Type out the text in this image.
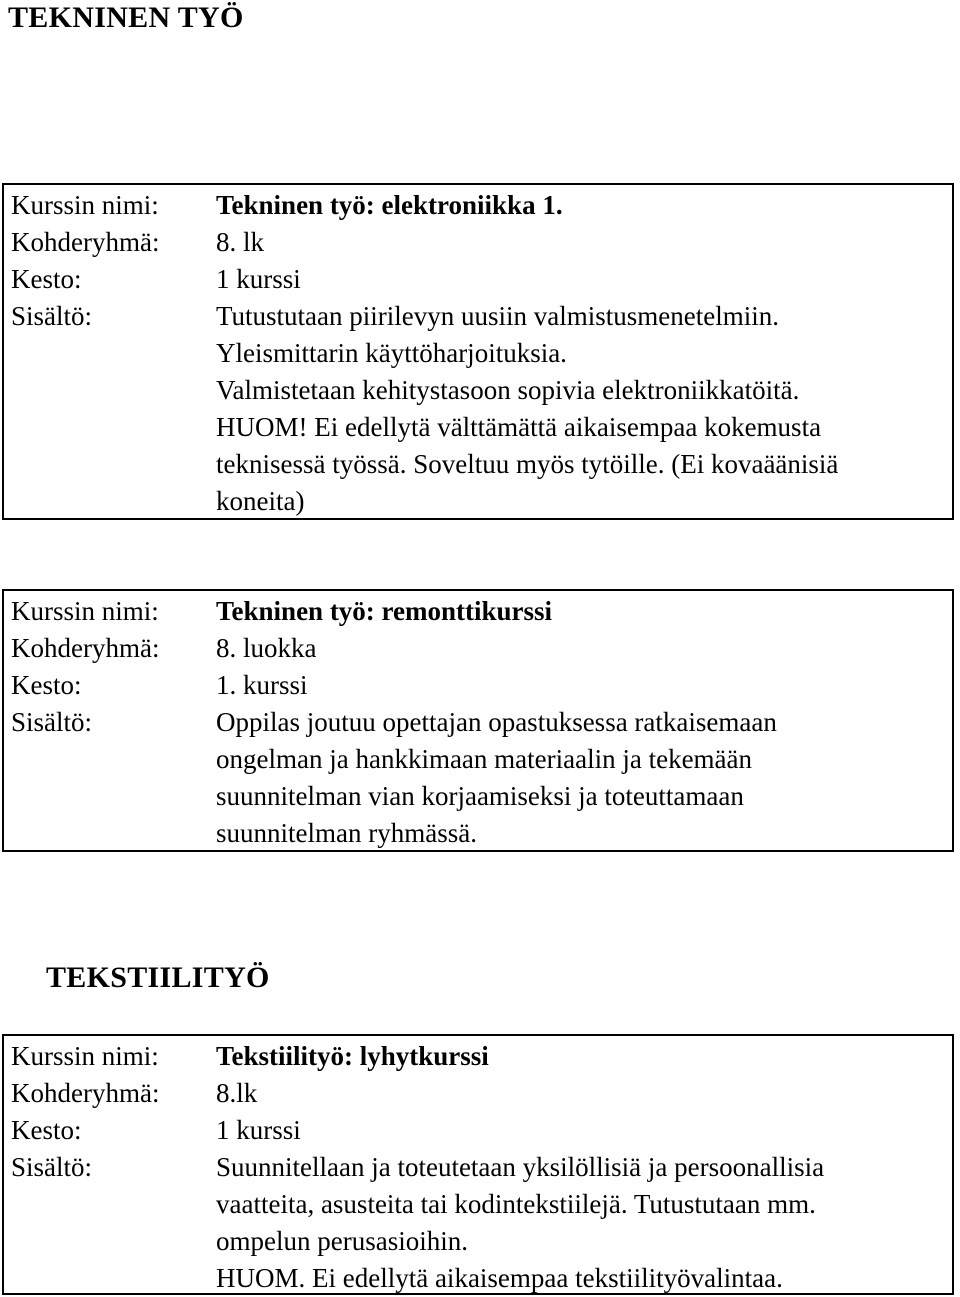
TEKNINEN TYÖ
Kurssin nimi:	Tekninen työ: elektroniikka 1.
Kohderyhmä:	8. lk
Kesto:	1 kurssi
Sisältö:	Tutustutaan piirilevyn uusiin valmistusmenetelmiin.
Yleismittarin käyttöharjoituksia.
Valmistetaan kehitystasoon sopivia elektroniikkatöitä.
HUOM! Ei edellytä välttämättä aikaisempaa kokemusta
teknisessä työssä. Soveltuu myös tytöille. (Ei kovaäänisiä
koneita)
Kurssin nimi:	Tekninen työ: remonttikurssi
Kohderyhmä:	8. luokka
Kesto:	1. kurssi
Sisältö:	Oppilas joutuu opettajan opastuksessa ratkaisemaan
ongelman ja hankkimaan materiaalin ja tekemään
suunnitelman vian korjaamiseksi ja toteuttamaan
suunnitelman ryhmässä.
TEKSTIILITYÖ
Kurssin nimi:	Tekstiilityö: lyhytkurssi
Kohderyhmä:	8.lk
Kesto:	1 kurssi
Sisältö:	Suunnitellaan ja toteutetaan yksilöllisiä ja persoonallisia
vaatteita, asusteita tai kodintekstiilejä. Tutustutaan mm.
ompelun perusasioihin.
HUOM. Ei edellytä aikaisempaa tekstiilityövalintaa.
